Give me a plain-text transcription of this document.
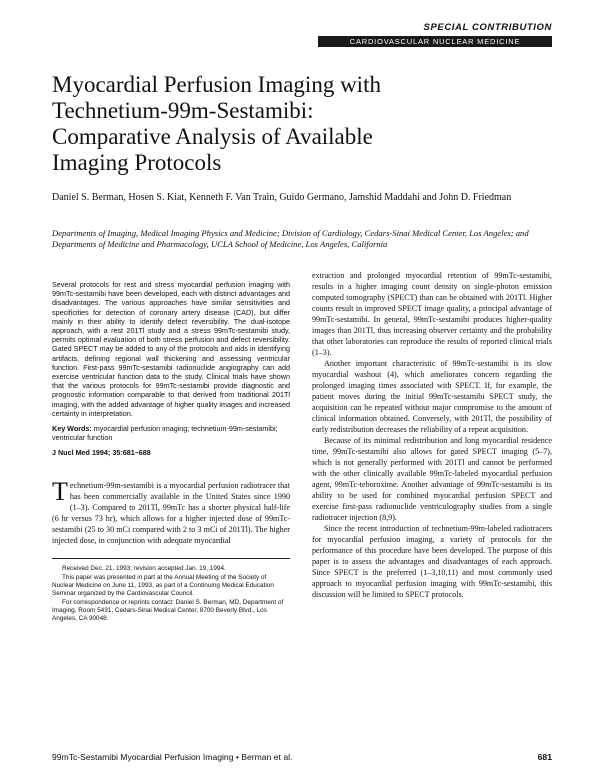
SPECIAL CONTRIBUTION
CARDIOVASCULAR NUCLEAR MEDICINE
Myocardial Perfusion Imaging with
Technetium-99m-Sestamibi:
Comparative Analysis of Available
Imaging Protocols
Daniel S. Berman, Hosen S. Kiat, Kenneth F. Van Train, Guido Germano, Jamshid Maddahi and John D. Friedman
Departments of Imaging, Medical Imaging Physics and Medicine; Division of Cardiology, Cedars-Sinai Medical Center, Los Angeles; and Departments of Medicine and Pharmacology, UCLA School of Medicine, Los Angeles, California

Several protocols for rest and stress myocardial perfusion imaging with 99mTc-sestamibi have been developed, each with distinct advantages and disadvantages. The various approaches have similar sensitivities and specificities for detection of coronary artery disease (CAD), but differ mainly in their ability to identify defect reversibility. The dual-isotope approach, with a rest 201Tl study and a stress 99mTc-sestamibi study, permits optimal evaluation of both stress perfusion and defect reversibility. Gated SPECT may be added to any of the protocols and aids in identifying artifacts, defining regional wall thickening and assessing ventricular function. First-pass 99mTc-sestamibi radionuclide angiography can add exercise ventricular function data to the study. Clinical trials have shown that the various protocols for 99mTc-sestamibi provide diagnostic and prognostic information comparable to that derived from traditional 201Tl imaging, with the added advantage of higher quality images and increased certainty in interpretation.

Key Words: myocardial perfusion imaging; technetium-99m-sestamibi; ventricular function

J Nucl Med 1994; 35:681–688

Technetium-99m-sestamibi is a myocardial perfusion radiotracer that has been commercially available in the United States since 1990 (1–3). Compared to 201Tl, 99mTc has a shorter physical half-life (6 hr versus 73 hr), which allows for a higher injected dose of 99mTc-sestamibi (25 to 30 mCi compared with 2 to 3 mCi of 201Tl). The higher injected dose, in conjunction with adequate myocardial

Received Dec. 21, 1993; revision accepted Jan. 19, 1994.

This paper was presented in part at the Annual Meeting of the Society of Nuclear Medicine on June 11, 1993, as part of a Continuing Medical Education Seminar organized by the Cardiovascular Council.

For correspondence or reprints contact: Daniel S. Berman, MD, Department of Imaging, Room 5431, Cedars-Sinai Medical Center, 8700 Beverly Blvd., Los Angeles, CA 90048.

extraction and prolonged myocardial retention of 99mTc-sestamibi, results in a higher imaging count density on single-photon emission computed tomography (SPECT) than can be obtained with 201Tl. Higher counts result in improved SPECT image quality, a principal advantage of 99mTc-sestamibi. In general, 99mTc-sestamibi produces higher-quality images than 201Tl, thus increasing observer certainty and the probability that other laboratories can reproduce the results of reported clinical trials (1–3).

Another important characteristic of 99mTc-sestamibi is its slow myocardial washout (4), which ameliorates concern regarding the prolonged imaging times associated with SPECT. If, for example, the patient moves during the initial 99mTc-sestamibi SPECT study, the acquisition can be repeated without major compromise to the amount of clinical information obtained. Conversely, with 201Tl, the possibility of early redistribution decreases the reliability of a repeat acquisition.

Because of its minimal redistribution and long myocardial residence time, 99mTc-sestamibi also allows for gated SPECT imaging (5–7), which is not generally performed with 201Tl and cannot be performed with the other clinically available 99mTc-labeled myocardial perfusion agent, 99mTc-teboroxime. Another advantage of 99mTc-sestamibi is its ability to be used for combined myocardial perfusion SPECT and exercise first-pass radionuclide ventriculography studies from a single radiotracer injection (8,9).

Since the recent introduction of technetium-99m-labeled radiotracers for myocardial perfusion imaging, a variety of protocols for the performance of this procedure have been developed. The purpose of this paper is to assess the advantages and disadvantages of each approach. Since SPECT is the preferred (1–3,10,11) and most commonly used approach to myocardial perfusion imaging with 99mTc-sestamibi, this discussion will be limited to SPECT protocols.

99mTc-Sestamibi Myocardial Perfusion Imaging • Berman et al.	681
